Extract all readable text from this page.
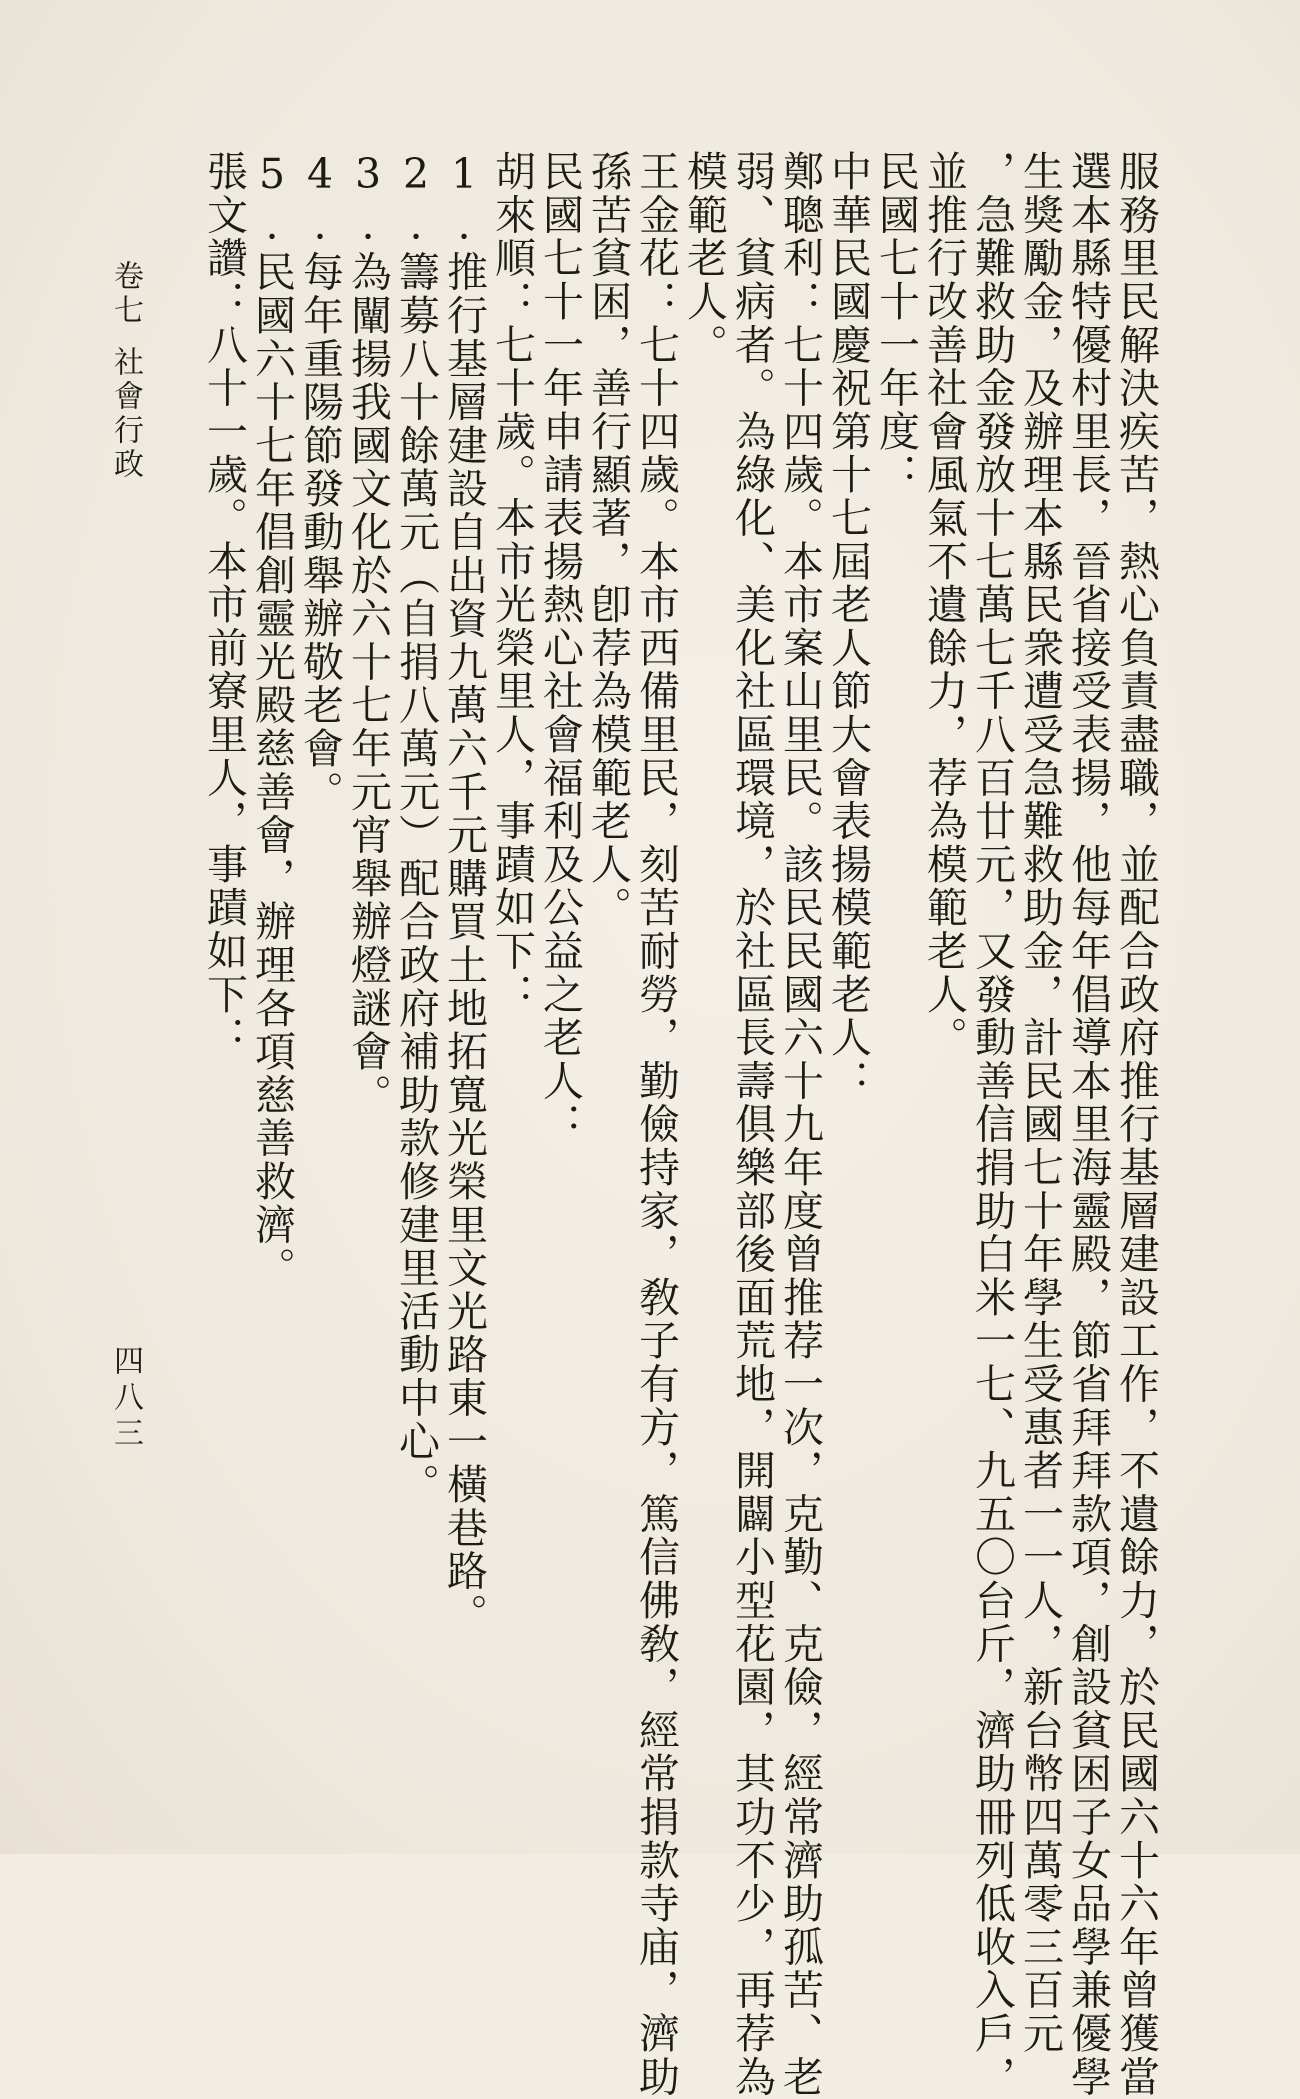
服務里民解決疾苦，熱心負責盡職，並配合政府推行基層建設工作，不遺餘力，於民國六十六年曾獲當
選本縣特優村里長，晉省接受表揚，他每年倡導本里海靈殿，節省拜拜款項，創設貧困子女品學兼優學
生獎勵金，及辦理本縣民衆遭受急難救助金，計民國七十年學生受惠者一一人，新台幣四萬零三百元
，急難救助金發放十七萬七千八百廿元，又發動善信捐助白米一七、九五〇台斤，濟助冊列低收入戶，
並推行改善社會風氣不遺餘力，荐為模範老人。
民國七十一年度：
中華民國慶祝第十七屆老人節大會表揚模範老人：
鄭聰利：七十四歲。本市案山里民。該民民國六十九年度曾推荐一次，克勤、克儉，經常濟助孤苦、老
弱、貧病者。為綠化、美化社區環境，於社區長壽俱樂部後面荒地，開闢小型花園，其功不少，再荐為
模範老人。
王金花：七十四歲。本市西備里民，刻苦耐勞，勤儉持家，敎子有方，篤信佛敎，經常捐款寺庙，濟助
孫苦貧困，善行顯著，卽荐為模範老人。
民國七十一年申請表揚熱心社會福利及公益之老人：
胡來順：七十歲。本市光榮里人，事蹟如下：
1.推行基層建設自出資九萬六千元購買土地拓寬光榮里文光路東一橫巷路。
2.籌募八十餘萬元（自捐八萬元）配合政府補助款修建里活動中心。
3.為闡揚我國文化於六十七年元宵舉辦燈謎會。
4.每年重陽節發動舉辦敬老會。
5.民國六十七年倡創靈光殿慈善會，辦理各項慈善救濟。
張文讚：八十一歲。本市前寮里人，事蹟如下：
卷七社會行政
四八三
